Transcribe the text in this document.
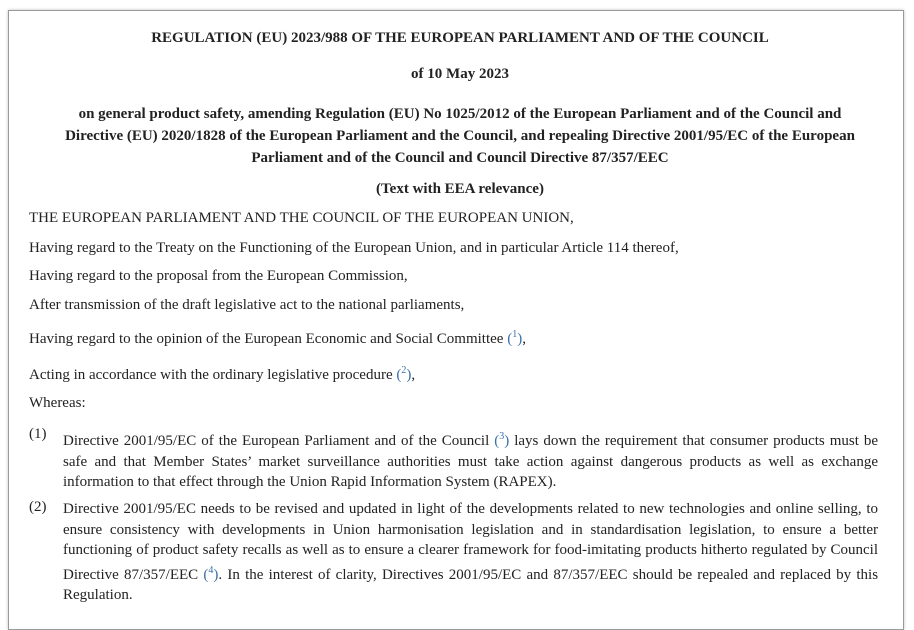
REGULATION (EU) 2023/988 OF THE EUROPEAN PARLIAMENT AND OF THE COUNCIL
of 10 May 2023
on general product safety, amending Regulation (EU) No 1025/2012 of the European Parliament and of the Council and
Directive (EU) 2020/1828 of the European Parliament and the Council, and repealing Directive 2001/95/EC of the European
Parliament and of the Council and Council Directive 87/357/EEC
(Text with EEA relevance)
THE EUROPEAN PARLIAMENT AND THE COUNCIL OF THE EUROPEAN UNION,
Having regard to the Treaty on the Functioning of the European Union, and in particular Article 114 thereof,
Having regard to the proposal from the European Commission,
After transmission of the draft legislative act to the national parliaments,
Having regard to the opinion of the European Economic and Social Committee ($^1$),
Acting in accordance with the ordinary legislative procedure ($^2$),
Whereas:
(1) Directive 2001/95/EC of the European Parliament and of the Council ($^3$) lays down the requirement that consumer products must be safe and that Member States’ market surveillance authorities must take action against dangerous products as well as exchange information to that effect through the Union Rapid Information System (RAPEX).
(2) Directive 2001/95/EC needs to be revised and updated in light of the developments related to new technologies and online selling, to ensure consistency with developments in Union harmonisation legislation and in standardisation legislation, to ensure a better functioning of product safety recalls as well as to ensure a clearer framework for food-imitating products hitherto regulated by Council Directive 87/357/EEC ($^4$). In the interest of clarity, Directives 2001/95/EC and 87/357/EEC should be repealed and replaced by this Regulation.
